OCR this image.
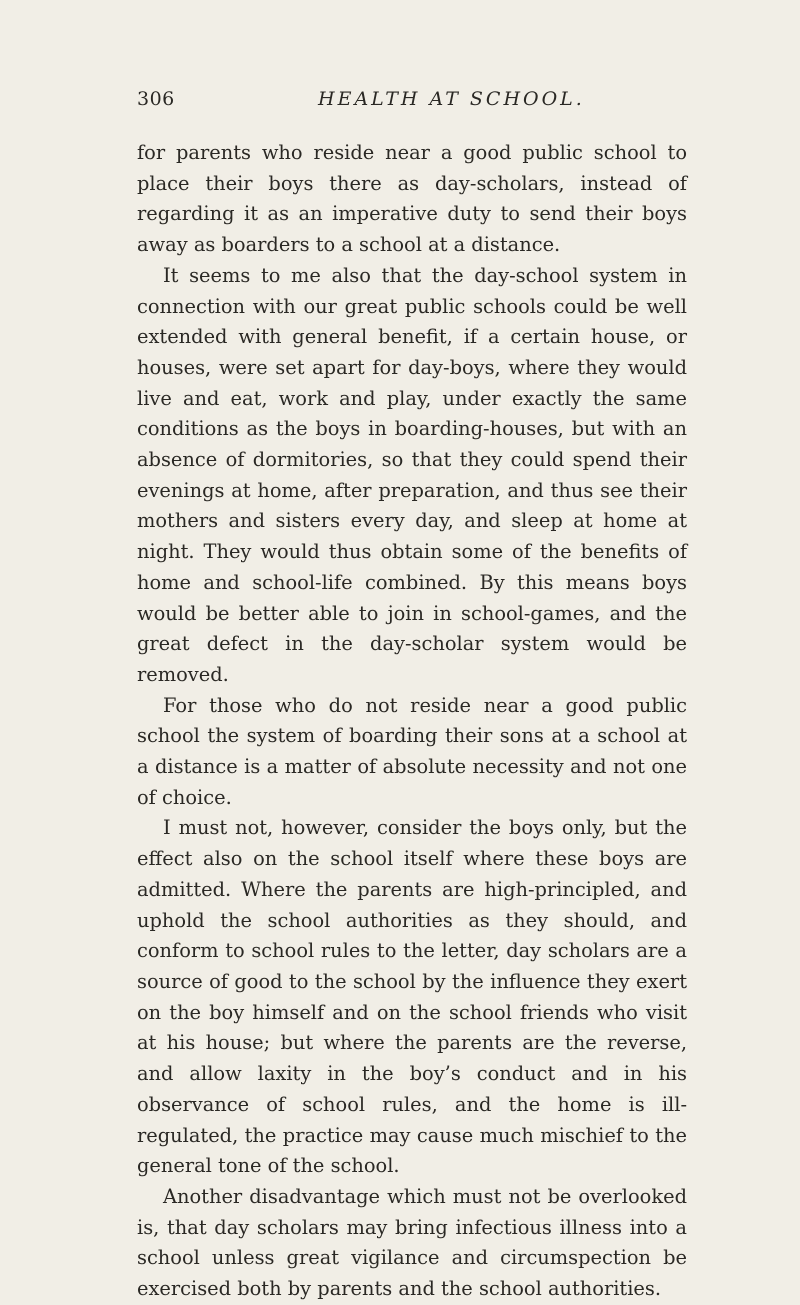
306	HEALTH AT SCHOOL.

for parents who reside near a good public school to place their boys there as day-scholars, instead of regarding it as an imperative duty to send their boys away as boarders to a school at a distance.

It seems to me also that the day-school system in connection with our great public schools could be well extended with general benefit, if a certain house, or houses, were set apart for day-boys, where they would live and eat, work and play, under exactly the same conditions as the boys in boarding-houses, but with an absence of dormitories, so that they could spend their evenings at home, after preparation, and thus see their mothers and sisters every day, and sleep at home at night. They would thus obtain some of the benefits of home and school-life combined. By this means boys would be better able to join in school-games, and the great defect in the day-scholar system would be removed.

For those who do not reside near a good public school the system of boarding their sons at a school at a distance is a matter of absolute necessity and not one of choice.

I must not, however, consider the boys only, but the effect also on the school itself where these boys are admitted. Where the parents are high-principled, and uphold the school authorities as they should, and conform to school rules to the letter, day scholars are a source of good to the school by the influence they exert on the boy himself and on the school friends who visit at his house; but where the parents are the reverse, and allow laxity in the boy’s conduct and in his observance of school rules, and the home is ill-regulated, the practice may cause much mischief to the general tone of the school.

Another disadvantage which must not be overlooked is, that day scholars may bring infectious illness into a school unless great vigilance and circumspection be exercised both by parents and the school authorities.
